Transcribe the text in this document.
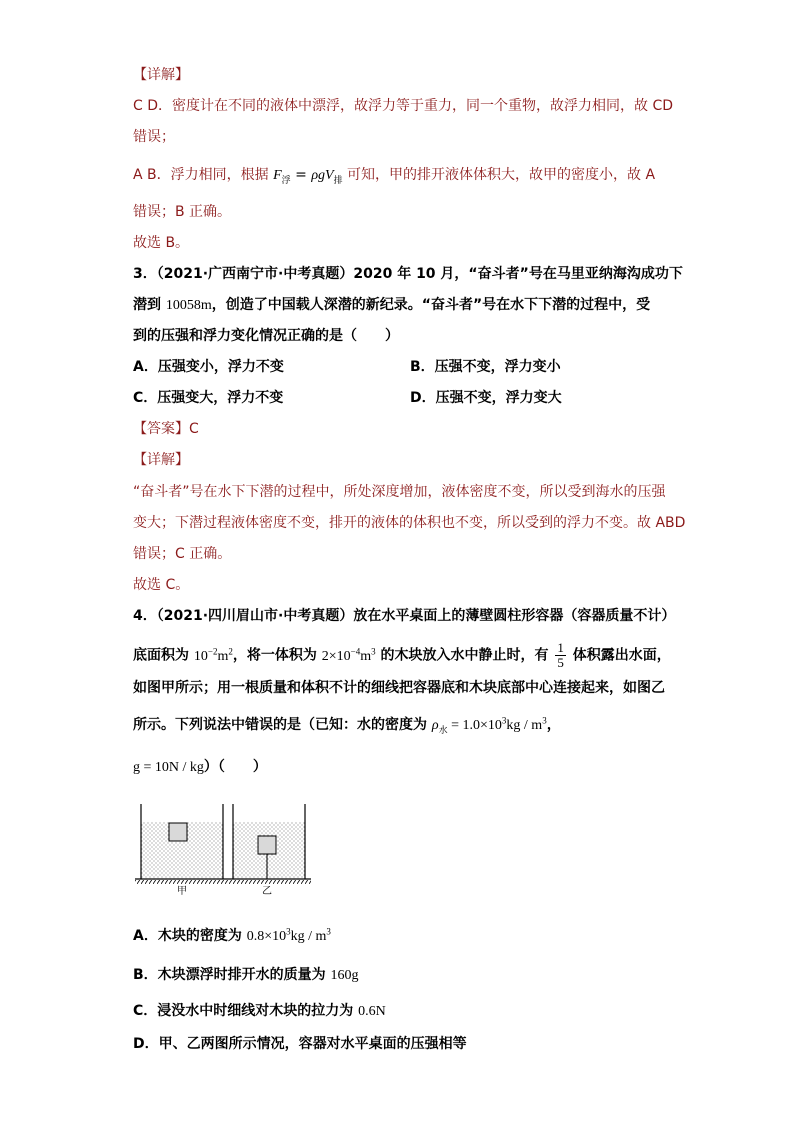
【详解】
C D．密度计在不同的液体中漂浮，故浮力等于重力，同一个重物，故浮力相同，故 CD
错误；
A B．浮力相同，根据 $F_浮 = \rho gV_排$ 可知，甲的排开液体体积大，故甲的密度小，故 A
错误；B 正确。
故选 B。
3．（2021·广西南宁市·中考真题）2020 年 10 月，“奋斗者”号在马里亚纳海沟成功下
潜到 10058m，创造了中国载人深潜的新纪录。“奋斗者”号在水下下潜的过程中，受
到的压强和浮力变化情况正确的是（　　）
A．压强变小，浮力不变	B．压强不变，浮力变小
C．压强变大，浮力不变	D．压强不变，浮力变大
【答案】C
【详解】
“奋斗者”号在水下下潜的过程中，所处深度增加，液体密度不变，所以受到海水的压强
变大；下潜过程液体密度不变，排开的液体的体积也不变，所以受到的浮力不变。故 ABD
错误；C 正确。
故选 C。
4．（2021·四川眉山市·中考真题）放在水平桌面上的薄壁圆柱形容器（容器质量不计）
底面积为 $10^{-2}m^2$，将一体积为 $2\times 10^{-4}m^3$ 的木块放入水中静止时，有 $\frac{1}{5}$ 体积露出水面，
如图甲所示；用一根质量和体积不计的细线把容器底和木块底部中心连接起来，如图乙
所示。下列说法中错误的是（已知：水的密度为 $\rho_水 = 1.0\times 10^3kg / m^3$，
g = 10N / kg）（　　）
甲	乙
A．木块的密度为 $0.8\times 10^3kg / m^3$
B．木块漂浮时排开水的质量为 160g
C．浸没水中时细线对木块的拉力为 0.6N
D．甲、乙两图所示情况，容器对水平桌面的压强相等
